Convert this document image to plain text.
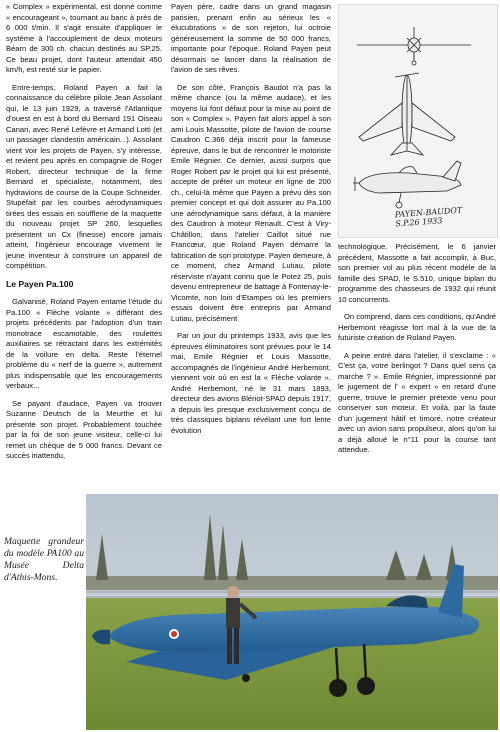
« Complex » expérimental, est donné comme « encourageant », tournant au banc à près de 6 000 t/min. Il s'agit ensuite d'appliquer le système à l'accouplement de deux moteurs Béarn de 300 ch. chacun destinés au SP.25. Ce beau projet, dont l'auteur attendait 450 km/h, est resté sur le papier.

Entre-temps, Roland Payen a fait la connaissance du célèbre pilote Jean Assolant qui, le 13 juin 1929, a traversé l'Atlantique d'ouest en est à bord du Bernard 191 Oiseau Canari, avec René Lefèvre et Armand Lotti (et un passager clandestin américain...). Assolant vient voir les projets de Payen, s'y intéresse, et revient peu après en compagnie de Roger Robert, directeur technique de la firme Bernard et spécialiste, notamment, des hydravions de course de la Coupe Schneider. Stupéfait par les courbes aérodynamiques tirées des essais en soufflerie de la maquette du nouveau projet SP 260, lesquelles présentent un Cx (finesse) encore jamais atteint, l'ingénieur encourage vivement le jeune inventeur à construire un appareil de compétition.

Le Payen Pa.100

Galvanisé, Roland Payen entame l'étude du Pa.100 « Flèche volante » différant des projets précédents par l'adoption d'un train monotrace escamotable, des roulettes auxiliaires se rétractant dans les extrémités de la voilure en delta. Reste l'éternel problème du « nerf de la guerre », autrement plus indispensable que les encouragements verbaux...

Se payant d'audace, Payen va trouver Suzanne Deutsch de la Meurthe et lui présente son projet. Probablement touchée par la foi de son jeune visiteur, celle-ci lui remet un chèque de 5 000 francs. Devant ce succès inattendu,

Payen père, cadre dans un grand magasin parisien, prenant enfin au sérieux les « élucubrations » de son rejeton, lui octroie généreusement la somme de 50 000 francs, importante pour l'époque. Roland Payen peut désormais se lancer dans la réalisation de l'avion de ses rêves.

De son côté, François Baudot n'a pas la même chance (ou la même audace), et les moyens lui font défaut pour la mise au point de son « Complex ». Payen fait alors appel à son ami Louis Massotte, pilote de l'avion de course Caudron C.366 déjà inscrit pour la fameuse épreuve, dans le but de rencontrer le motoriste Emile Régnier. Ce dernier, aussi surpris que Roger Robert par le projet qui lui est présenté, accepte de prêter un moteur en ligne de 200 ch., celui-là même que Payen a prévu dès son premier concept et qui doit assurer au Pa.100 une aérodynamique sans défaut, à la manière des Caudron à moteur Renault. C'est à Viry-Châtillon, dans l'atelier Caillot situé rue Francœur, que Roland Payen démarre la fabrication de son prototype. Payen demeure, à ce moment, chez Armand Lutiau, pilote réserviste n'ayant connu que le Potez 25, puis devenu entrepreneur de battage à Fontenay-le-Vicomte, non loin d'Etampes où les premiers essais doivent être entrepris par Armand Lutiau, précisément

Par un jour du printemps 1933, avis que les épreuves éliminatoires sont prévues pour le 14 mai, Emile Régnier et Louis Massotte, accompagnés de l'ingénieur André Herbemont, viennent voir où en est la « Flèche volante ». André Herbemont, né le 31 mars 1893, directeur des avions Blériot-SPAD depuis 1917, a depuis les presque exclusivement conçu de très classiques biplans révélant une fort lente évolution

PAYEN-BAUDOT
S.P.26 1933

technologique. Précisément, le 6 janvier précédent, Massotte a fait accomplir, à Buc, son premier vol au plus récent modèle de la famille des SPAD, le S.510, unique biplan du programme des chasseurs de 1932 qui réunit 10 concurrents.

On comprend, dans ces conditions, qu'André Herbemont réagisse fort mal à la vue de la futuriste création de Roland Payen.

A peine entré dans l'atelier, il s'exclame : « C'est ça, votre berlingot ? Dans quel sens ça marche ? ». Emile Régnier, impressionné par le jugement de l' « expert » en retard d'une guerre, trouve le premier prétexte venu pour conserver son moteur. Et voilà, par la faute d'un jugement hâtif et timoré, notre créateur avec un avion sans propulseur, alors qu'on lui a déjà alloué le n°11 pour la course tant attendue.

Maquette grandeur du modèle PA100 au Musée Delta d'Athis-Mons.
